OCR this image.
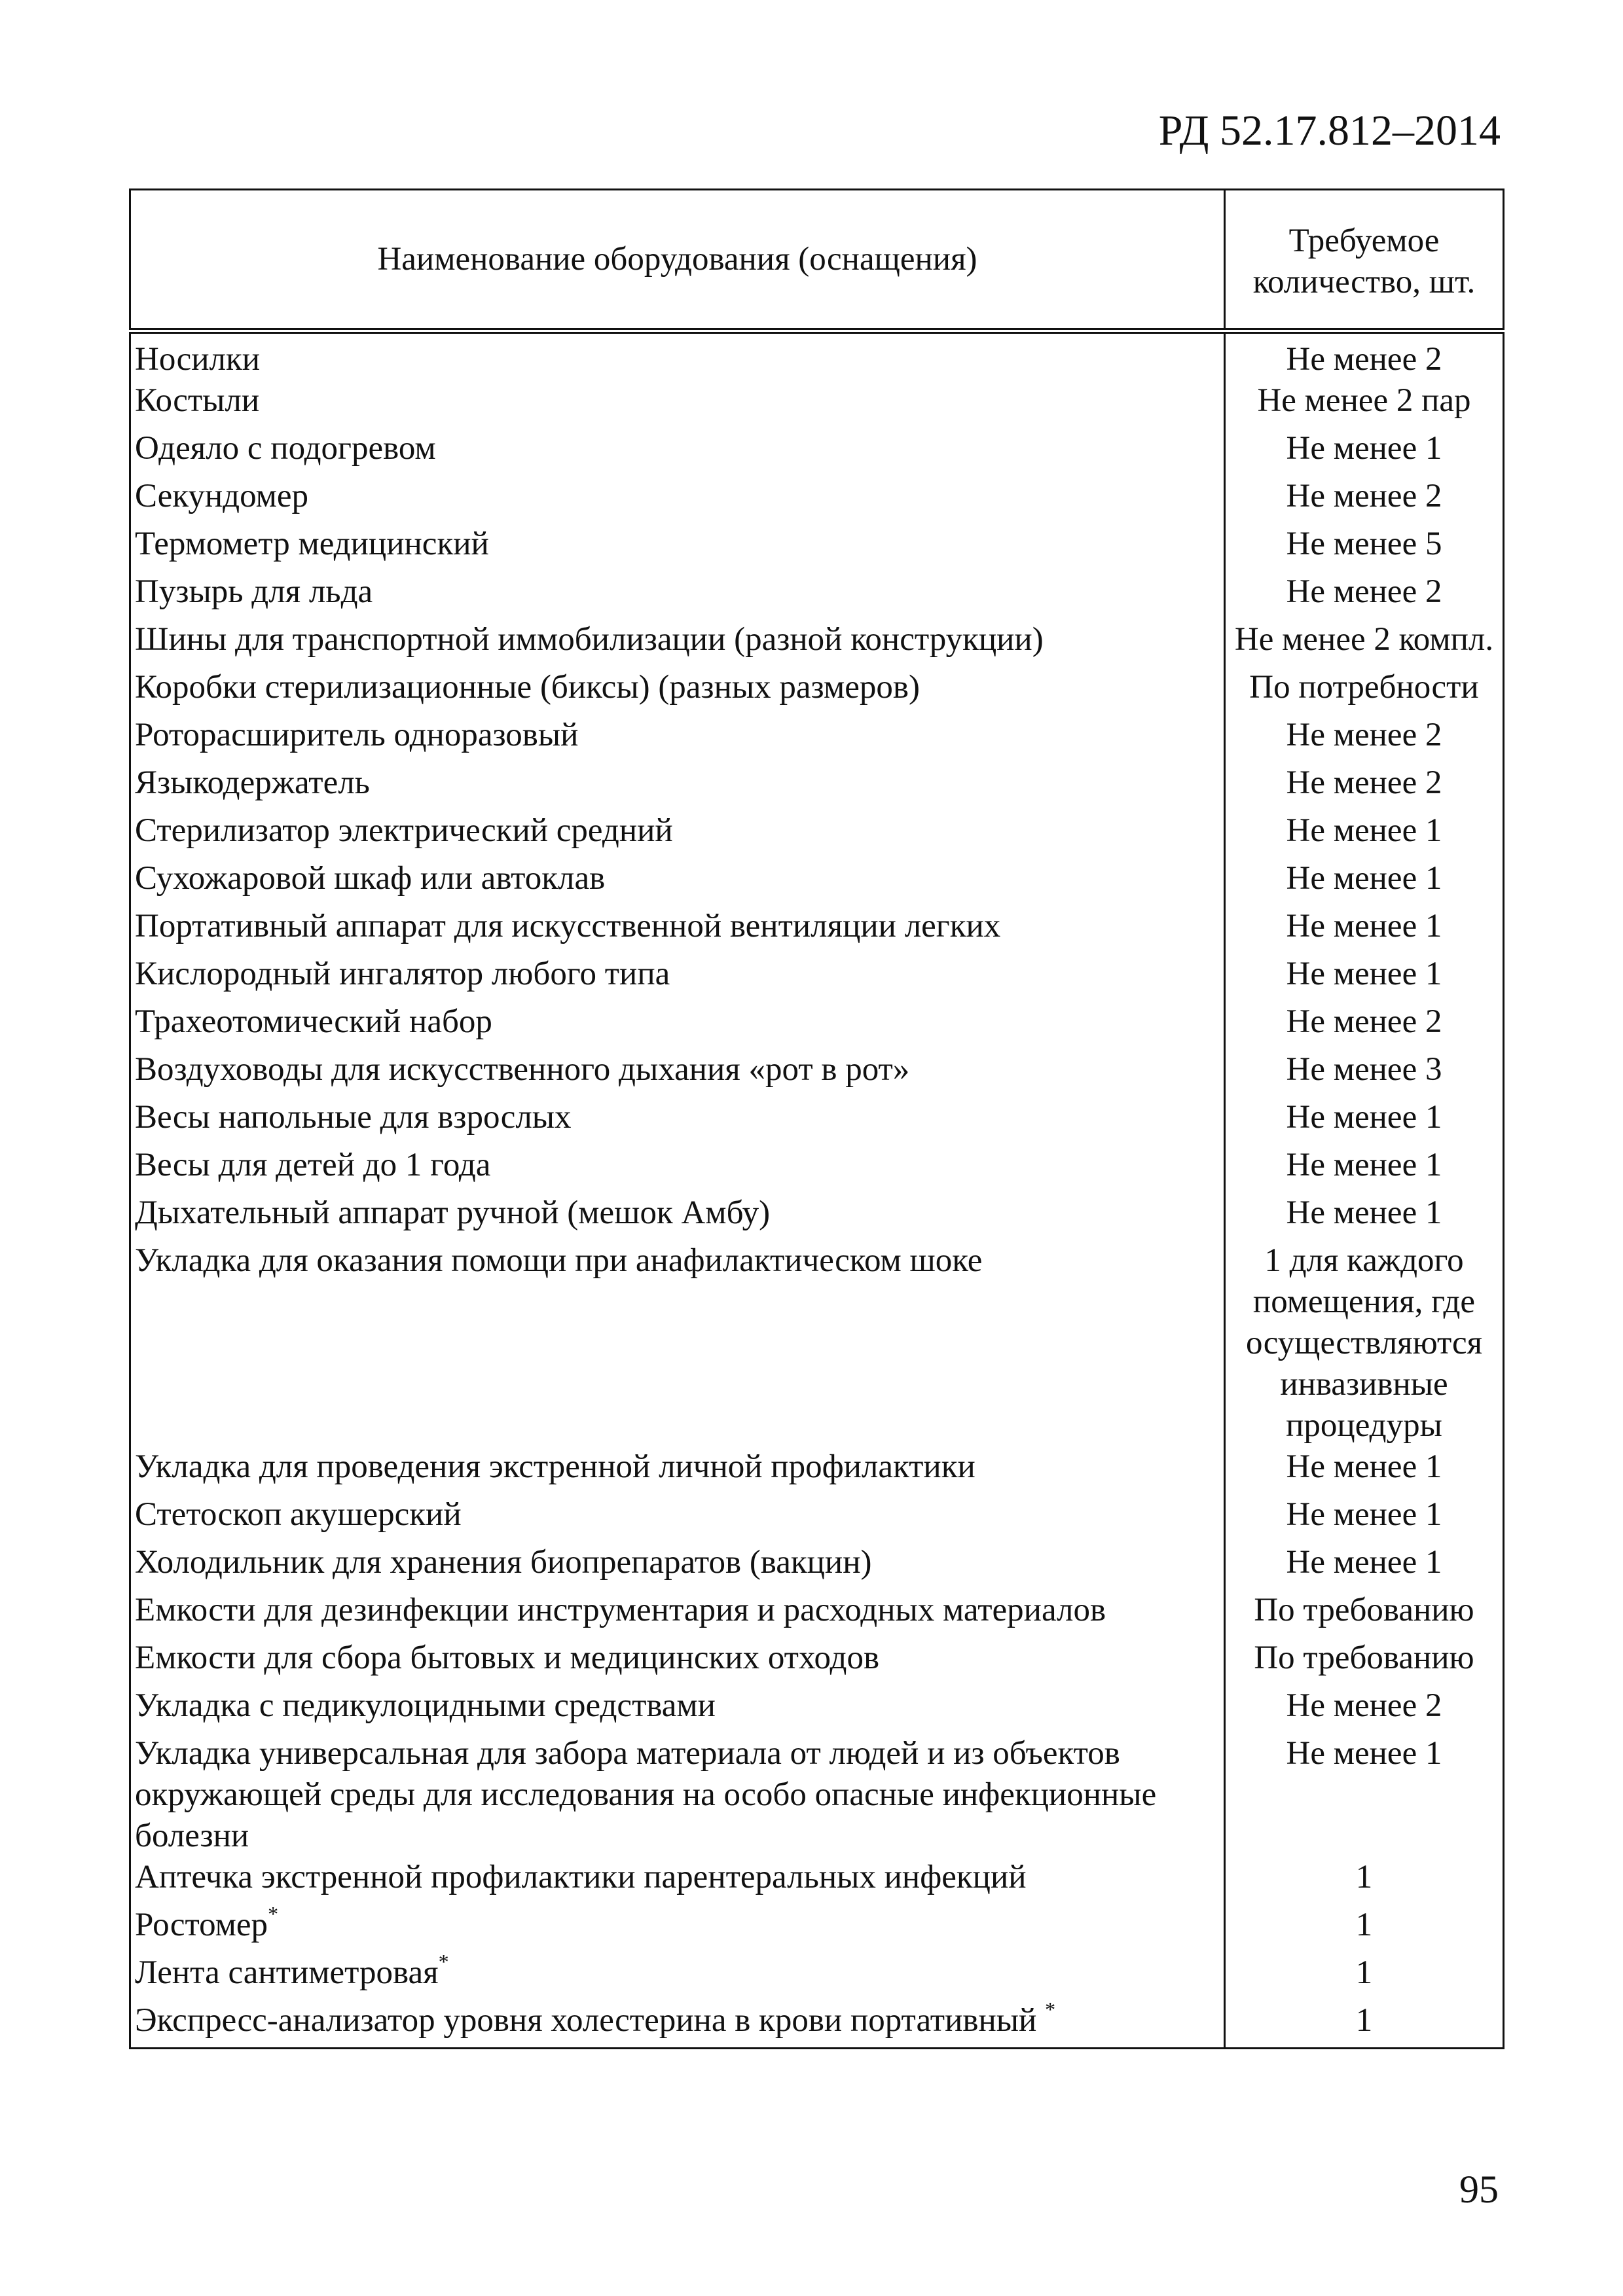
РД 52.17.812–2014
Наименование оборудования (оснащения)	Требуемое количество, шт.
Носилки	Не менее 2
Костыли	Не менее 2 пар
Одеяло с подогревом	Не менее 1
Секундомер	Не менее 2
Термометр медицинский	Не менее 5
Пузырь для льда	Не менее 2
Шины для транспортной иммобилизации (разной конструкции)	Не менее 2 компл.
Коробки стерилизационные (биксы) (разных размеров)	По потребности
Роторасширитель одноразовый	Не менее 2
Языкодержатель	Не менее 2
Стерилизатор электрический средний	Не менее 1
Сухожаровой шкаф или автоклав	Не менее 1
Портативный аппарат для искусственной вентиляции легких	Не менее 1
Кислородный ингалятор любого типа	Не менее 1
Трахеотомический набор	Не менее 2
Воздуховоды для искусственного дыхания «рот в рот»	Не менее 3
Весы напольные для взрослых	Не менее 1
Весы для детей до 1 года	Не менее 1
Дыхательный аппарат ручной (мешок Амбу)	Не менее 1
Укладка для оказания помощи при анафилактическом шоке	1 для каждого помещения, где осуществляются инвазивные процедуры
Укладка для проведения экстренной личной профилактики	Не менее 1
Стетоскоп акушерский	Не менее 1
Холодильник для хранения биопрепаратов (вакцин)	Не менее 1
Емкости для дезинфекции инструментария и расходных материалов	По требованию
Емкости для сбора бытовых и медицинских отходов	По требованию
Укладка с педикулоцидными средствами	Не менее 2
Укладка универсальная для забора материала от людей и из объектов окружающей среды для исследования на особо опасные инфекционные болезни	Не менее 1
Аптечка экстренной профилактики парентеральных инфекций	1
Ростомер*	1
Лента сантиметровая*	1
Экспресс-анализатор уровня холестерина в крови портативный *	1
95
